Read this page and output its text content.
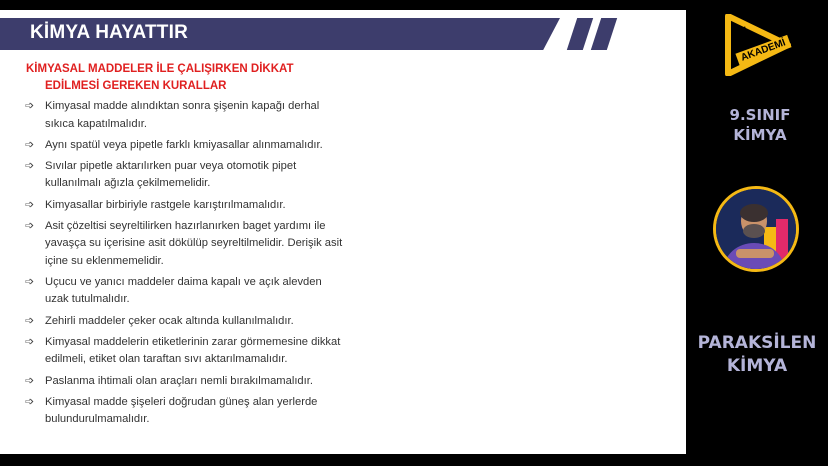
KİMYA HAYATTIR
KİMYASAL MADDELER İLE ÇALIŞIRKEN DİKKAT
EDİLMESİ GEREKEN KURALLAR
➩ Kimyasal madde alındıktan sonra şişenin kapağı derhal sıkıca kapatılmalıdır.
➩ Aynı spatül veya pipetle farklı kmiyasallar alınmamalıdır.
➩ Sıvılar pipetle aktarılırken puar veya otomotik pipet kullanılmalı ağızla çekilmemelidir.
➩ Kimyasallar birbiriyle rastgele karıştırılmamalıdır.
➩ Asit çözeltisi seyreltilirken hazırlanırken baget yardımı ile yavaşça su içerisine asit dökülüp seyreltilmelidir. Derişik asit içine su eklenmemelidir.
➩ Uçucu ve yanıcı maddeler daima kapalı ve açık alevden uzak tutulmalıdır.
➩ Zehirli maddeler çeker ocak altında kullanılmalıdır.
➩ Kimyasal maddelerin etiketlerinin zarar görmemesine dikkat edilmeli, etiket olan taraftan sıvı aktarılmamalıdır.
➩ Paslanma ihtimali olan araçları nemli bırakılmamalıdır.
➩ Kimyasal madde şişeleri doğrudan güneş alan yerlerde bulundurulmamalıdır.
HIZ
AKADEMİ
9.SINIF
KİMYA
PARAKSİLEN
KİMYA
